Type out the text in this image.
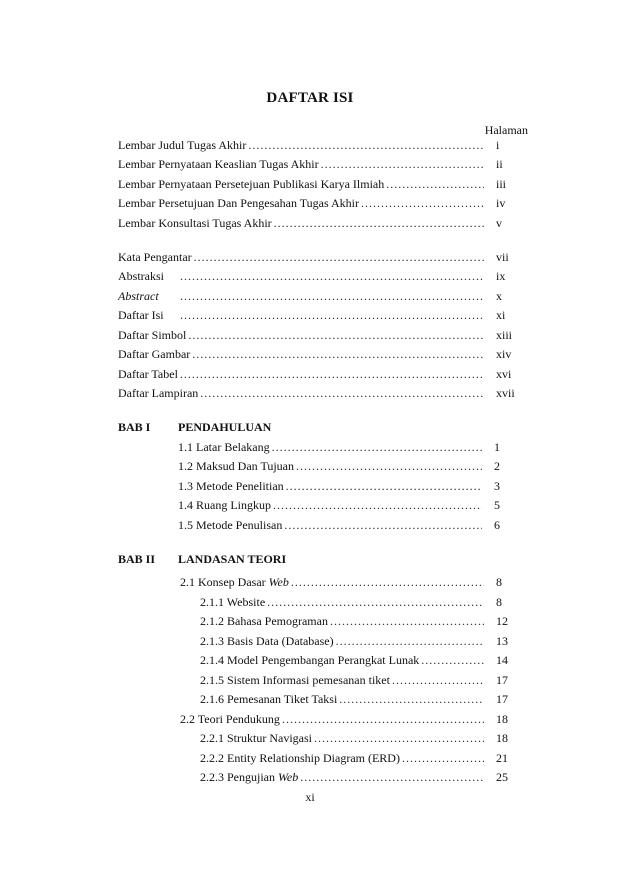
DAFTAR ISI
Halaman
Lembar Judul Tugas Akhir .....	i
Lembar Pernyataan Keaslian Tugas Akhir .....	ii
Lembar Pernyataan Persetejuan Publikasi Karya Ilmiah .....	iii
Lembar Persetujuan Dan Pengesahan Tugas Akhir .....	iv
Lembar Konsultasi Tugas Akhir .....	v
Kata Pengantar .....	vii
Abstraksi .....	ix
Abstract .....	x
Daftar Isi .....	xi
Daftar Simbol .....	xiii
Daftar Gambar .....	xiv
Daftar Tabel .....	xvi
Daftar Lampiran .....	xvii
BAB I PENDAHULUAN
1.1 Latar Belakang .....	1
1.2 Maksud Dan Tujuan .....	2
1.3 Metode Penelitian .....	3
1.4 Ruang Lingkup .....	5
1.5 Metode Penulisan .....	6
BAB II LANDASAN TEORI
2.1 Konsep Dasar Web .....	8
2.1.1 Website .....	8
2.1.2 Bahasa Pemograman .....	12
2.1.3 Basis Data (Database) .....	13
2.1.4 Model Pengembangan Perangkat Lunak .....	14
2.1.5 Sistem Informasi pemesanan tiket .....	17
2.1.6 Pemesanan Tiket Taksi .....	17
2.2 Teori Pendukung .....	18
2.2.1 Struktur Navigasi .....	18
2.2.2 Entity Relationship Diagram (ERD) .....	21
2.2.3 Pengujian Web .....	25
xi
